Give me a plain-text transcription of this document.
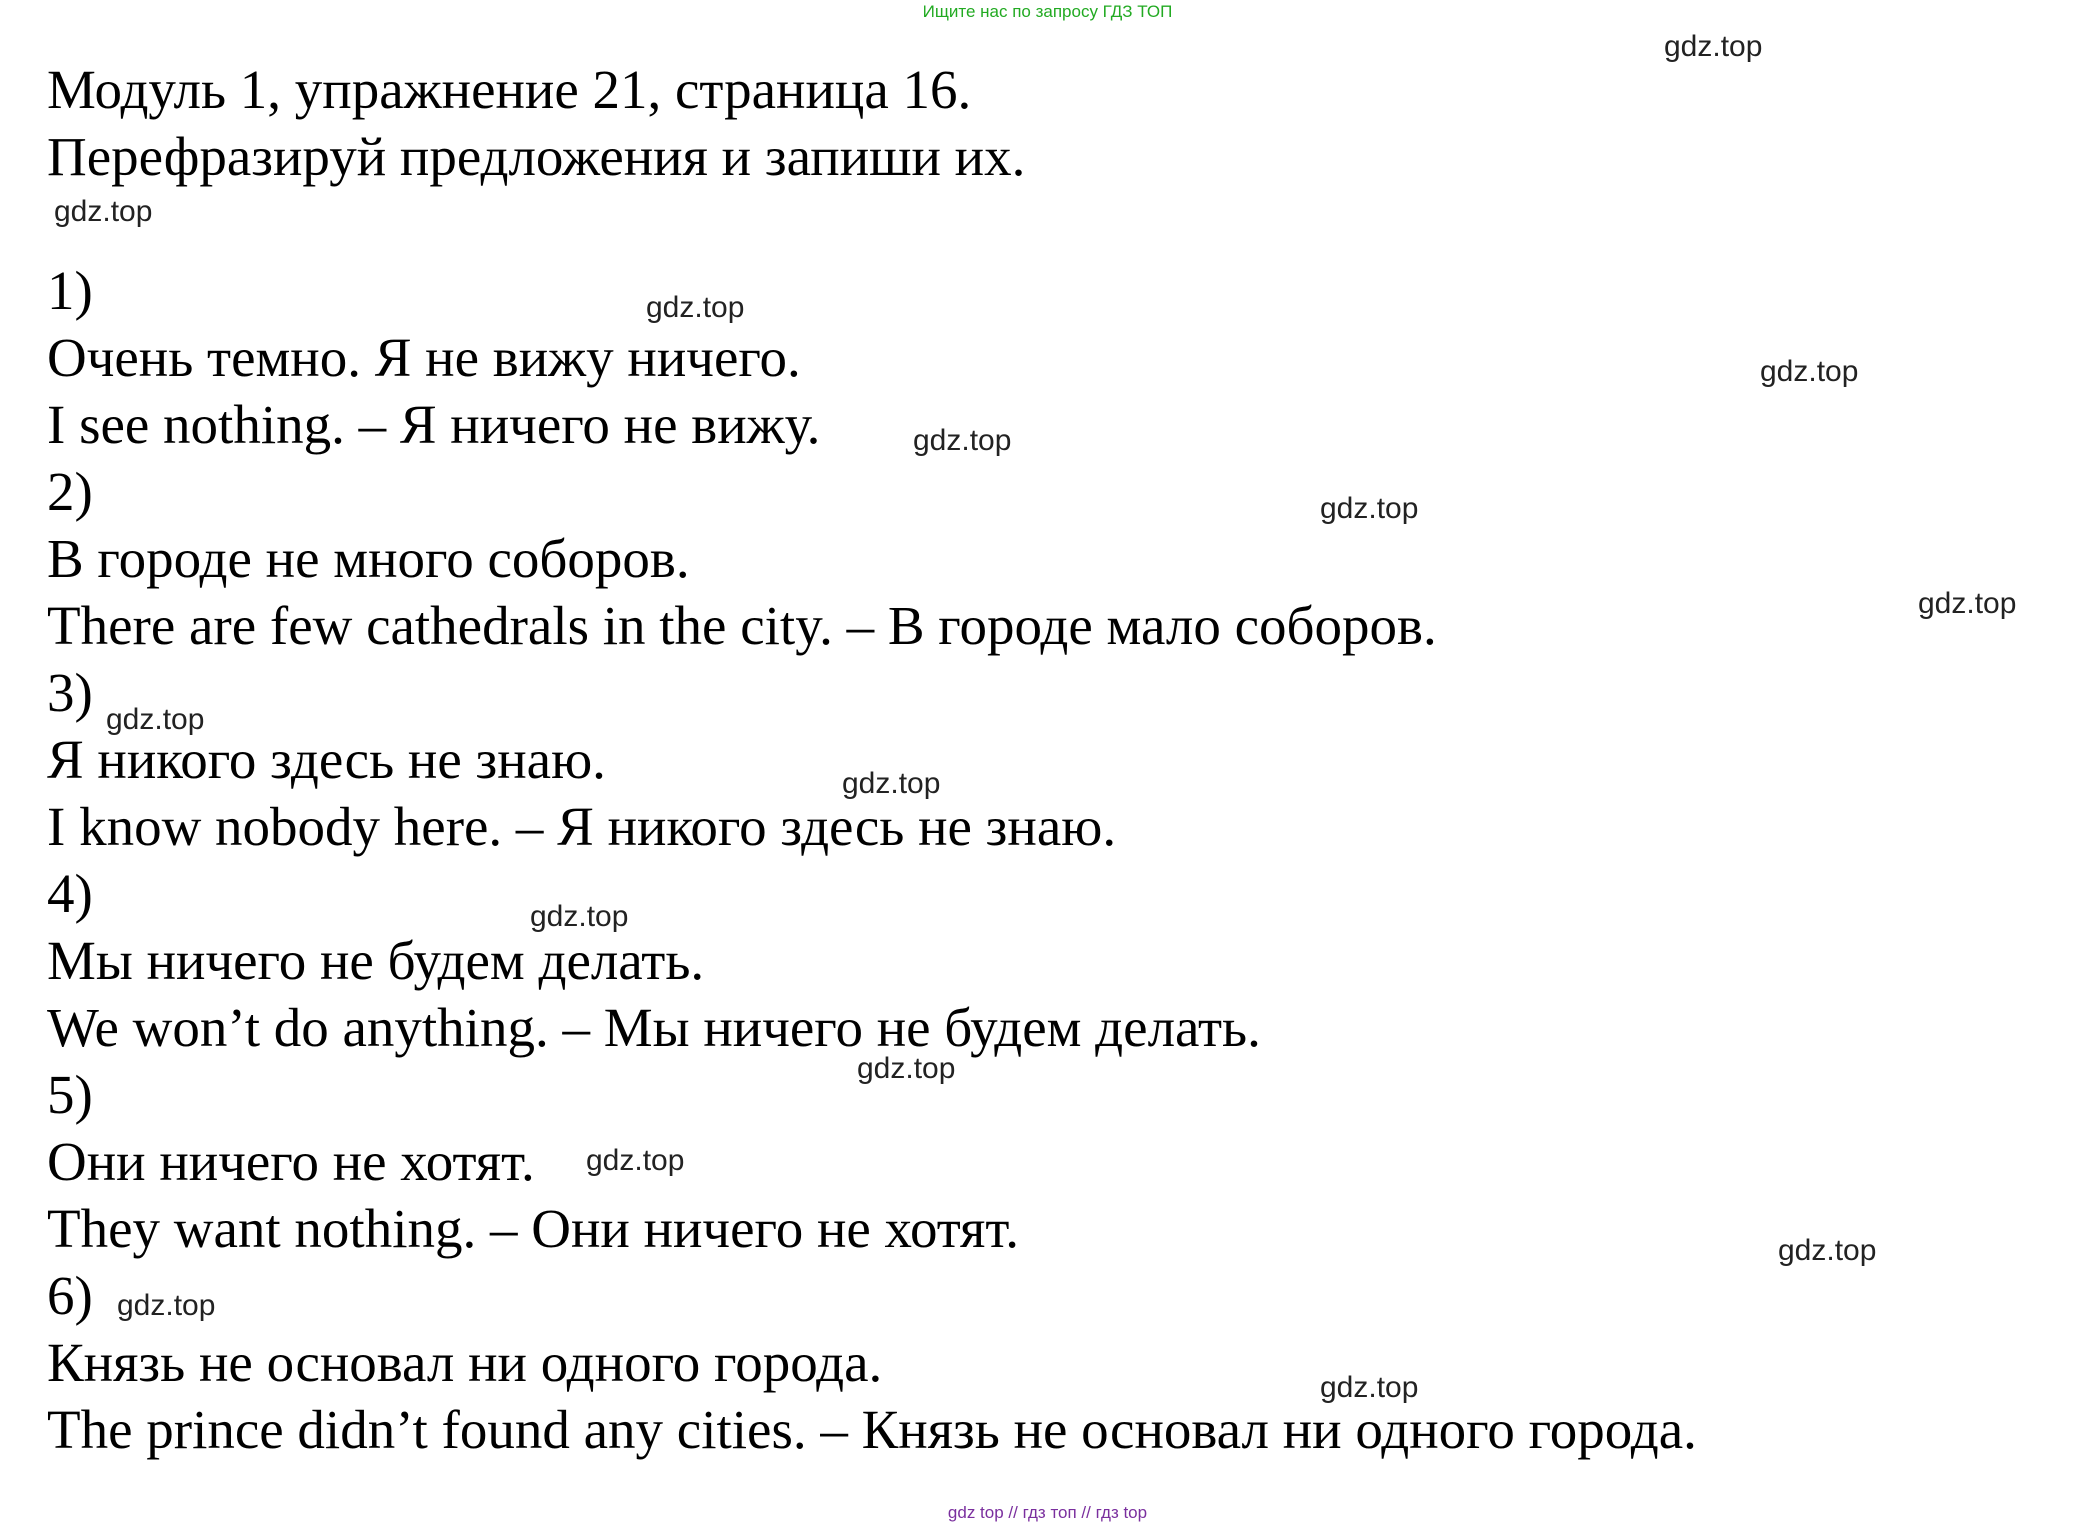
Ищите нас по запросу ГДЗ ТОП
Модуль 1, упражнение 21, страница 16.
Перефразируй предложения и запиши их.
1)
Очень темно. Я не вижу ничего.
I see nothing. – Я ничего не вижу.
2)
В городе не много соборов.
There are few cathedrals in the city. – В городе мало соборов.
3)
Я никого здесь не знаю.
I know nobody here. – Я никого здесь не знаю.
4)
Мы ничего не будем делать.
We won’t do anything. – Мы ничего не будем делать.
5)
Они ничего не хотят.
They want nothing. – Они ничего не хотят.
6)
Князь не основал ни одного города.
The prince didn’t found any cities. – Князь не основал ни одного города.
gdz.top
gdz.top
gdz.top
gdz.top
gdz.top
gdz.top
gdz.top
gdz.top
gdz.top
gdz.top
gdz.top
gdz.top
gdz.top
gdz.top
gdz.top
gdz top // гдз топ // гдз top
